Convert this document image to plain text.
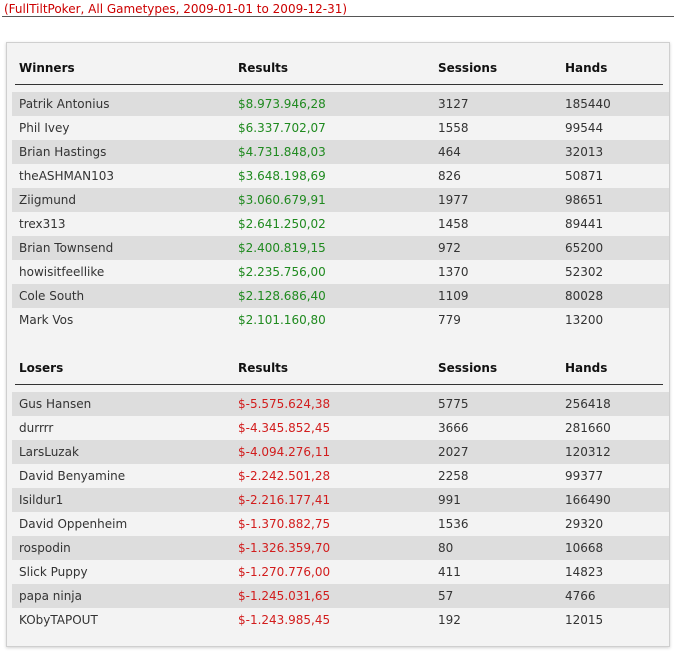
(FullTiltPoker, All Gametypes, 2009-01-01 to 2009-12-31)
Winners	Results	Sessions	Hands
Patrik Antonius	$8.973.946,28	3127	185440
Phil Ivey	$6.337.702,07	1558	99544
Brian Hastings	$4.731.848,03	464	32013
theASHMAN103	$3.648.198,69	826	50871
Ziigmund	$3.060.679,91	1977	98651
trex313	$2.641.250,02	1458	89441
Brian Townsend	$2.400.819,15	972	65200
howisitfeellike	$2.235.756,00	1370	52302
Cole South	$2.128.686,40	1109	80028
Mark Vos	$2.101.160,80	779	13200
Losers	Results	Sessions	Hands
Gus Hansen	$-5.575.624,38	5775	256418
durrrr	$-4.345.852,45	3666	281660
LarsLuzak	$-4.094.276,11	2027	120312
David Benyamine	$-2.242.501,28	2258	99377
Isildur1	$-2.216.177,41	991	166490
David Oppenheim	$-1.370.882,75	1536	29320
rospodin	$-1.326.359,70	80	10668
Slick Puppy	$-1.270.776,00	411	14823
papa ninja	$-1.245.031,65	57	4766
KObyTAPOUT	$-1.243.985,45	192	12015
